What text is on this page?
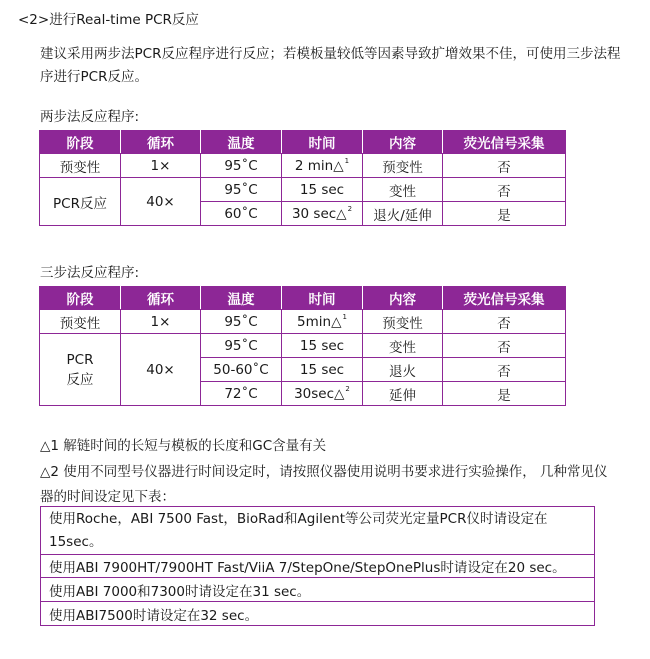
<2>进行Real-time PCR反应
建议采用两步法PCR反应程序进行反应；若模板量较低等因素导致扩增效果不佳，可使用三步法程序进行PCR反应。
两步法反应程序:
阶段	循环	温度	时间	内容	荧光信号采集
预变性	1×	95˚C	2 min△$^1$	预变性	否
PCR反应	40×	95˚C	15 sec	变性	否
		60˚C	30 sec△$^2$	退火/延伸	是
三步法反应程序:
阶段	循环	温度	时间	内容	荧光信号采集
预变性	1×	95˚C	5min△$^1$	预变性	否

PCR
反应	40×	95˚C	15 sec	变性	否
		50-60˚C	15 sec	退火	否
		72˚C	30sec△$^2$	延伸	是
△1 解链时间的长短与模板的长度和GC含量有关
△2 使用不同型号仪器进行时间设定时，请按照仪器使用说明书要求进行实验操作， 几种常见仪器的时间设定见下表：
使用Roche，ABI 7500 Fast，BioRad和Agilent等公司荧光定量PCR仪时请设定在15sec。
使用ABI 7900HT/7900HT Fast/ViiA 7/StepOne/StepOnePlus时请设定在20 sec。
使用ABI 7000和7300时请设定在31 sec。
使用ABI7500时请设定在32 sec。
